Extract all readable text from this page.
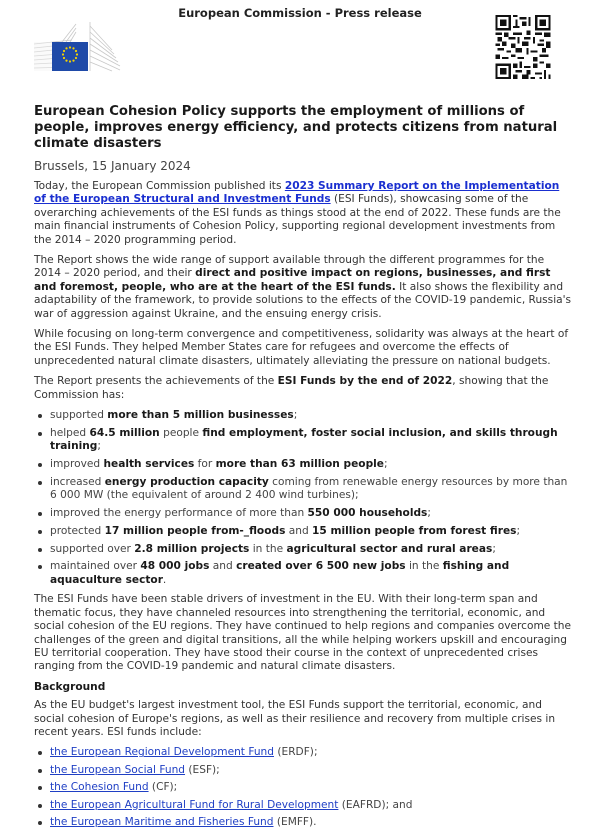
European Commission - Press release
European Cohesion Policy supports the employment of millions of people, improves energy efficiency, and protects citizens from natural climate disasters
Brussels, 15 January 2024

Today, the European Commission published its 2023 Summary Report on the Implementation of the European Structural and Investment Funds (ESI Funds), showcasing some of the overarching achievements of the ESI funds as things stood at the end of 2022. These funds are the main financial instruments of Cohesion Policy, supporting regional development investments from the 2014 – 2020 programming period.

The Report shows the wide range of support available through the different programmes for the 2014 – 2020 period, and their direct and positive impact on regions, businesses, and first and foremost, people, who are at the heart of the ESI funds. It also shows the flexibility and adaptability of the framework, to provide solutions to the effects of the COVID-19 pandemic, Russia's war of aggression against Ukraine, and the ensuing energy crisis.

While focusing on long-term convergence and competitiveness, solidarity was always at the heart of the ESI Funds. They helped Member States care for refugees and overcome the effects of unprecedented natural climate disasters, ultimately alleviating the pressure on national budgets.

The Report presents the achievements of the ESI Funds by the end of 2022, showing that the Commission has:

supported more than 5 million businesses;
helped 64.5 million people find employment, foster social inclusion, and skills through training;
improved health services for more than 63 million people;
increased energy production capacity coming from renewable energy resources by more than 6 000 MW (the equivalent of around 2 400 wind turbines);
improved the energy performance of more than 550 000 households;
protected 17 million people from-_floods and 15 million people from forest fires;
supported over 2.8 million projects in the agricultural sector and rural areas;
maintained over 48 000 jobs and created over 6 500 new jobs in the fishing and aquaculture sector.

The ESI Funds have been stable drivers of investment in the EU. With their long-term span and thematic focus, they have channeled resources into strengthening the territorial, economic, and social cohesion of the EU regions. They have continued to help regions and companies overcome the challenges of the green and digital transitions, all the while helping workers upskill and encouraging EU territorial cooperation. They have stood their course in the context of unprecedented crises ranging from the COVID-19 pandemic and natural climate disasters.

Background

As the EU budget's largest investment tool, the ESI Funds support the territorial, economic, and social cohesion of Europe's regions, as well as their resilience and recovery from multiple crises in recent years. ESI funds include:

the European Regional Development Fund (ERDF);
the European Social Fund (ESF);
the Cohesion Fund (CF);
the European Agricultural Fund for Rural Development (EAFRD); and
the European Maritime and Fisheries Fund (EMFF).
